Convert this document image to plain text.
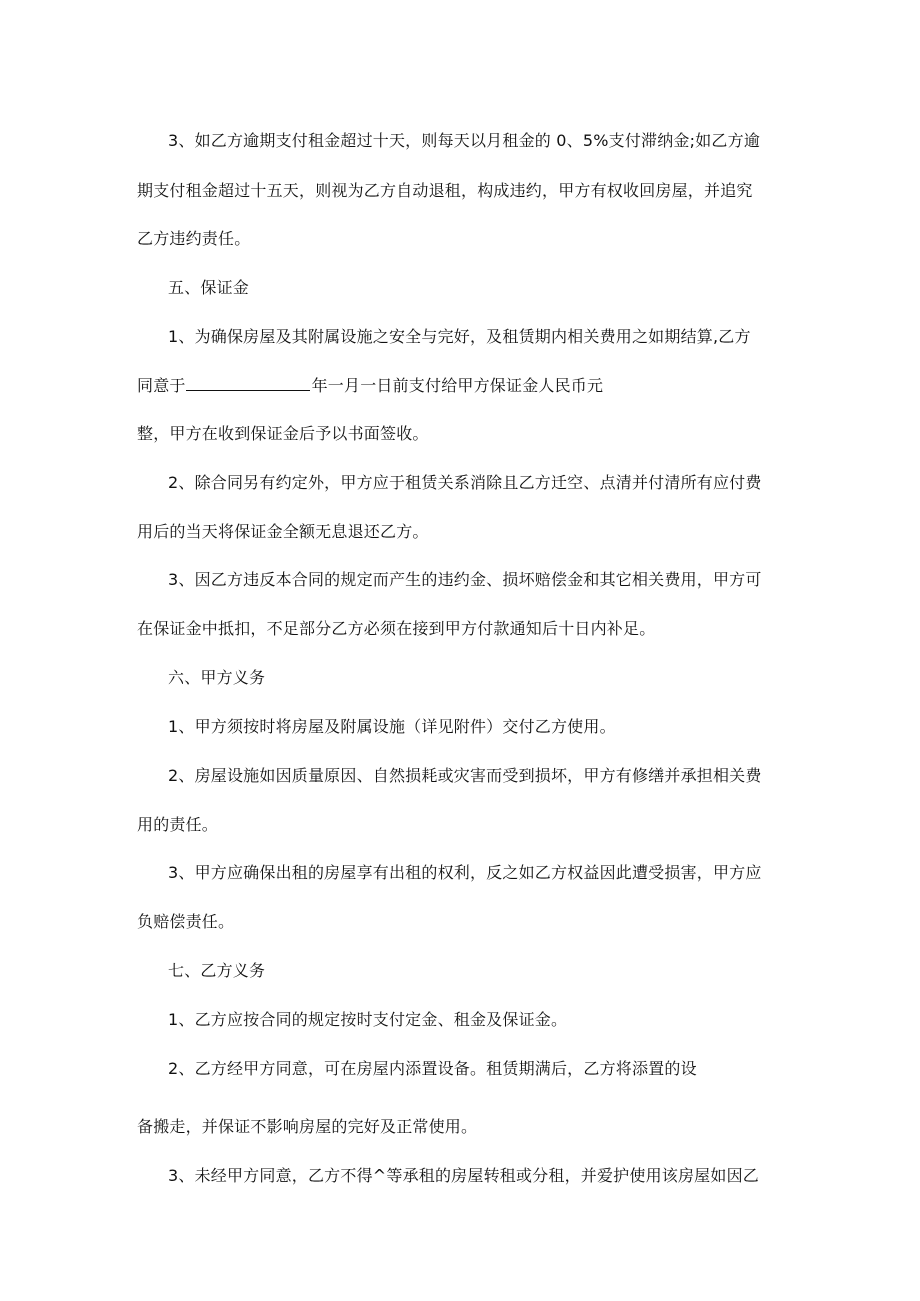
3、如乙方逾期支付租金超过十天，则每天以月租金的 0、5%支付滞纳金;如乙方逾
期支付租金超过十五天，则视为乙方自动退租，构成违约，甲方有权收回房屋，并追究
乙方违约责任。
五、保证金
1、为确保房屋及其附属设施之安全与完好，及租赁期内相关费用之如期结算,乙方
同意于	年一月一日前支付给甲方保证金人民币元
整，甲方在收到保证金后予以书面签收。
2、除合同另有约定外，甲方应于租赁关系消除且乙方迁空、点清并付清所有应付费
用后的当天将保证金全额无息退还乙方。
3、因乙方违反本合同的规定而产生的违约金、损坏赔偿金和其它相关费用，甲方可
在保证金中抵扣，不足部分乙方必须在接到甲方付款通知后十日内补足。
六、甲方义务
1、甲方须按时将房屋及附属设施（详见附件）交付乙方使用。
2、房屋设施如因质量原因、自然损耗或灾害而受到损坏，甲方有修缮并承担相关费
用的责任。
3、甲方应确保出租的房屋享有出租的权利，反之如乙方权益因此遭受损害，甲方应
负赔偿责任。
七、乙方义务
1、乙方应按合同的规定按时支付定金、租金及保证金。
2、乙方经甲方同意，可在房屋内添置设备。租赁期满后，乙方将添置的设
备搬走，并保证不影响房屋的完好及正常使用。
3、未经甲方同意，乙方不得^等承租的房屋转租或分租，并爱护使用该房屋如因乙
